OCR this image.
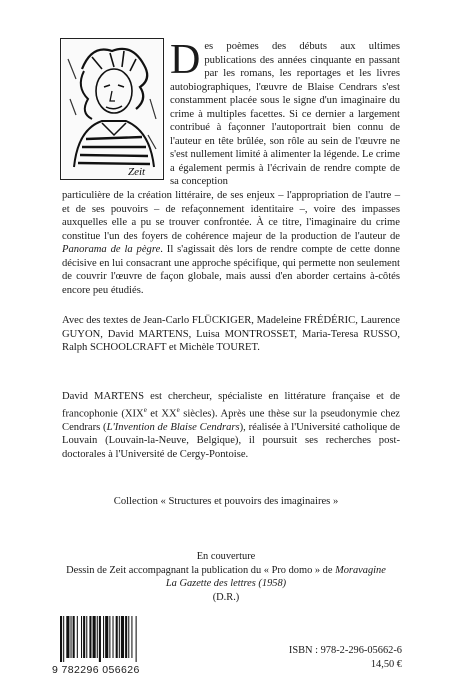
Zeit
Des poèmes des débuts aux ultimes publications des années cinquante en passant par les romans, les reportages et les livres autobiographiques, l'œuvre de Blaise Cendrars s'est constamment placée sous le signe d'un imaginaire du crime à multiples facettes. Si ce dernier a largement contribué à façonner l'autoportrait bien connu de l'auteur en tête brûlée, son rôle au sein de l'œuvre ne s'est nullement limité à alimenter la légende. Le crime a également permis à l'écrivain de rendre compte de sa conception
particulière de la création littéraire, de ses enjeux – l'appropriation de l'autre – et de ses pouvoirs – de refaçonnement identitaire –, voire des impasses auxquelles elle a pu se trouver confrontée. À ce titre, l'imaginaire du crime constitue l'un des foyers de cohérence majeur de la production de l'auteur de Panorama de la pègre. Il s'agissait dès lors de rendre compte de cette donne décisive en lui consacrant une approche spécifique, qui permette non seulement de couvrir l'œuvre de façon globale, mais aussi d'en aborder certains à-côtés encore peu étudiés.
Avec des textes de Jean-Carlo FLÜCKIGER, Madeleine FRÉDÉRIC, Laurence GUYON, David MARTENS, Luisa MONTROSSET, Maria-Teresa RUSSO, Ralph SCHOOLCRAFT et Michèle TOURET.
David MARTENS est chercheur, spécialiste en littérature française et de francophonie (XIXe et XXe siècles). Après une thèse sur la pseudonymie chez Cendrars (L'Invention de Blaise Cendrars), réalisée à l'Université catholique de Louvain (Louvain-la-Neuve, Belgique), il poursuit ses recherches post-doctorales à l'Université de Cergy-Pontoise.
Collection « Structures et pouvoirs des imaginaires »
En couverture
Dessin de Zeit accompagnant la publication du « Pro domo » de Moravagine
La Gazette des lettres (1958)
(D.R.)
9 782296 056626
ISBN : 978-2-296-05662-6
14,50 €
